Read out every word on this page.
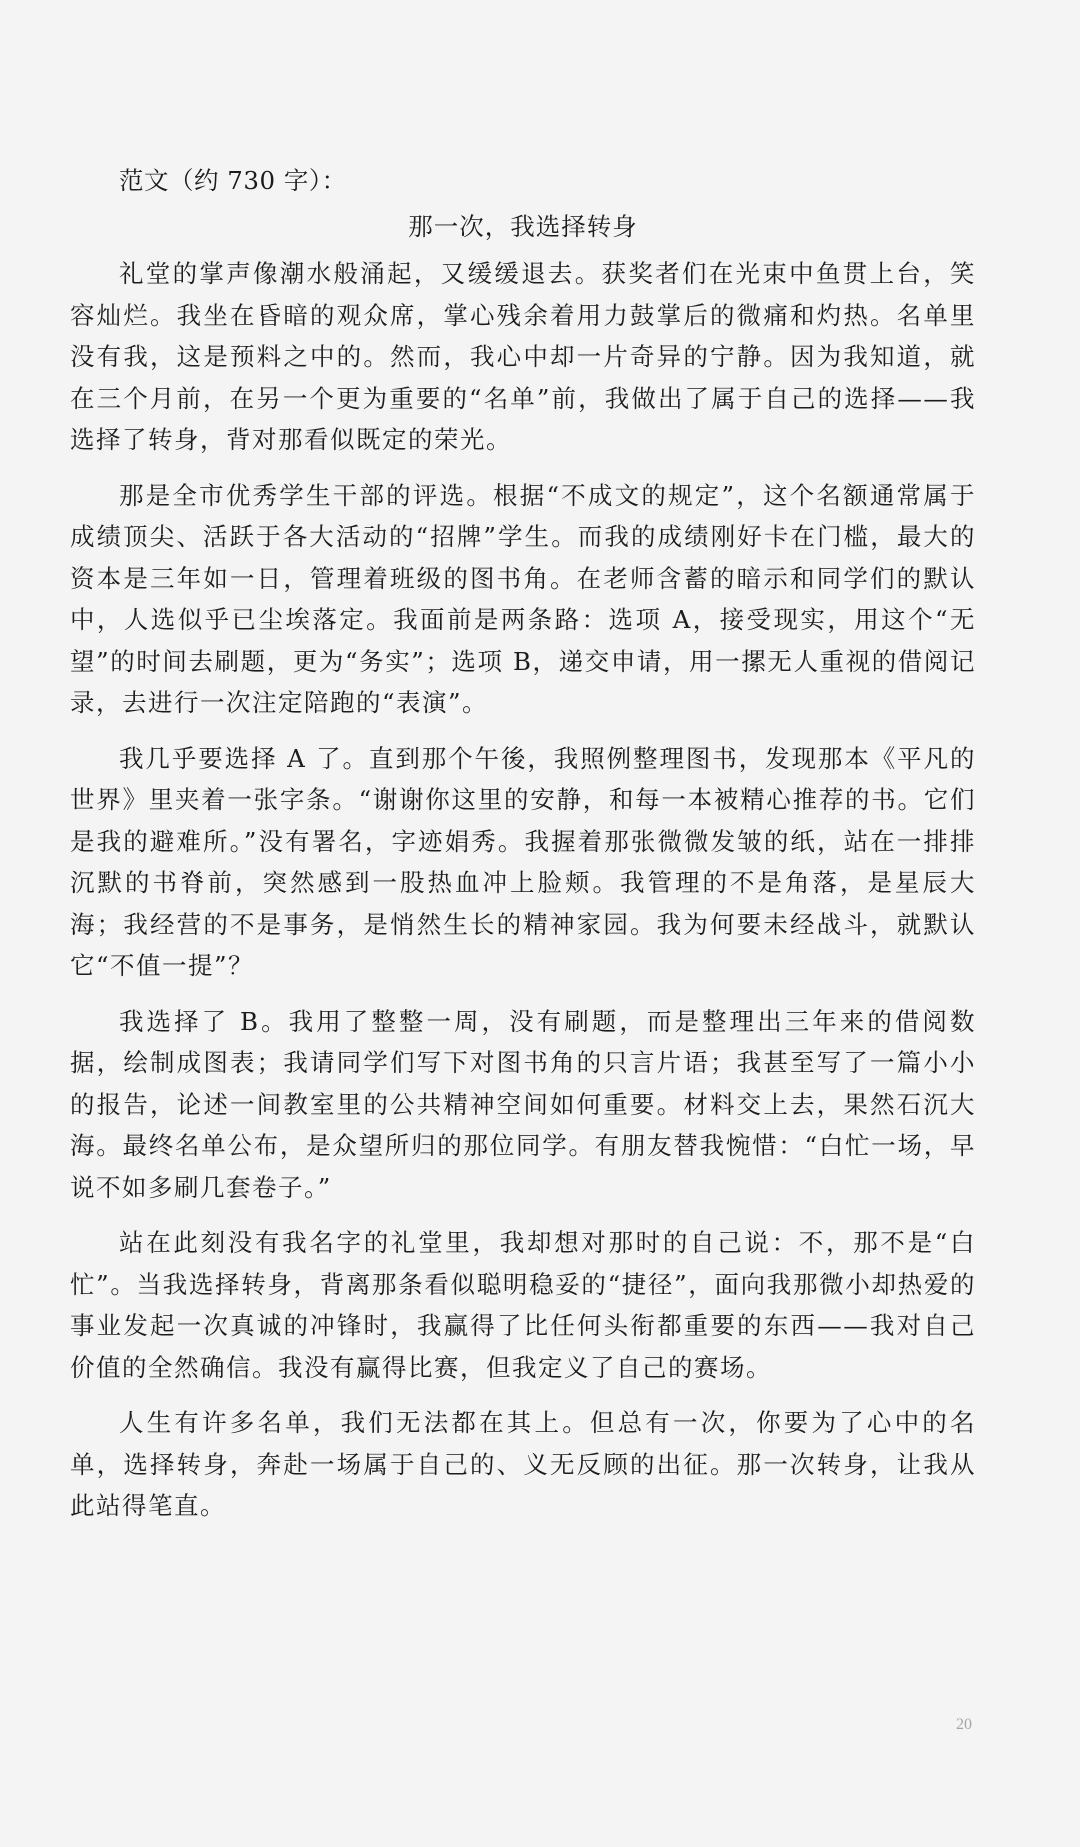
范文（约 730 字）：

那一次，我选择转身

礼堂的掌声像潮水般涌起，又缓缓退去。获奖者们在光束中鱼贯上台，笑容灿烂。我坐在昏暗的观众席，掌心残余着用力鼓掌后的微痛和灼热。名单里没有我，这是预料之中的。然而，我心中却一片奇异的宁静。因为我知道，就在三个月前，在另一个更为重要的“名单”前，我做出了属于自己的选择——我选择了转身，背对那看似既定的荣光。

那是全市优秀学生干部的评选。根据“不成文的规定”，这个名额通常属于成绩顶尖、活跃于各大活动的“招牌”学生。而我的成绩刚好卡在门槛，最大的资本是三年如一日，管理着班级的图书角。在老师含蓄的暗示和同学们的默认中，人选似乎已尘埃落定。我面前是两条路：选项 A，接受现实，用这个“无望”的时间去刷题，更为“务实”；选项 B，递交申请，用一摞无人重视的借阅记录，去进行一次注定陪跑的“表演”。

我几乎要选择 A 了。直到那个午後，我照例整理图书，发现那本《平凡的世界》里夹着一张字条。“谢谢你这里的安静，和每一本被精心推荐的书。它们是我的避难所。”没有署名，字迹娟秀。我握着那张微微发皱的纸，站在一排排沉默的书脊前，突然感到一股热血冲上脸颊。我管理的不是角落，是星辰大海；我经营的不是事务，是悄然生长的精神家园。我为何要未经战斗，就默认它“不值一提”？

我选择了 B。我用了整整一周，没有刷题，而是整理出三年来的借阅数据，绘制成图表；我请同学们写下对图书角的只言片语；我甚至写了一篇小小的报告，论述一间教室里的公共精神空间如何重要。材料交上去，果然石沉大海。最终名单公布，是众望所归的那位同学。有朋友替我惋惜：“白忙一场，早说不如多刷几套卷子。”

站在此刻没有我名字的礼堂里，我却想对那时的自己说：不，那不是“白忙”。当我选择转身，背离那条看似聪明稳妥的“捷径”，面向我那微小却热爱的事业发起一次真诚的冲锋时，我赢得了比任何头衔都重要的东西——我对自己价值的全然确信。我没有赢得比赛，但我定义了自己的赛场。

人生有许多名单，我们无法都在其上。但总有一次，你要为了心中的名单，选择转身，奔赴一场属于自己的、义无反顾的出征。那一次转身，让我从此站得笔直。

20
